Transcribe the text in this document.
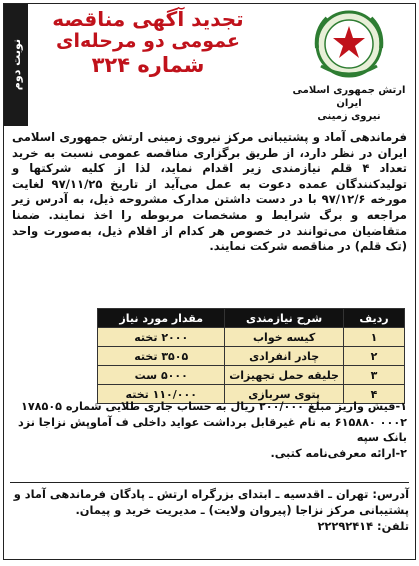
نوبت دوم
تجدید آگهی مناقصه
عمومی دو مرحله‌ای
شماره ۳۲۴
ارتش جمهوری اسلامی ایران
نیروی زمینی

فرماندهی آماد و پشتیبانی مرکز نیروی زمینی ارتش جمهوری اسلامی ایران در نظر دارد، از طریق برگزاری مناقصه عمومی نسبت به خرید تعداد ۴ قلم نیازمندی زیر اقدام نماید، لذا از کلیه شرکتها و تولیدکنندگان عمده دعوت به عمل می‌آید از تاریخ ۹۷/۱۱/۲۵ لغایت مورخه ۹۷/۱۲/۶ با در دست داشتن مدارک مشروحه ذیل، به آدرس زیر مراجعه و برگ شرایط و مشخصات مربوطه را اخذ نمایند. ضمنا متقاضیان می‌توانند در خصوص هر کدام از اقلام ذیل، به‌صورت واحد (تک قلم) در مناقصه شرکت نمایند.

ردیف	شرح نیازمندی	مقدار مورد نیاز
۱	کیسه خواب	۲۰۰۰ تخته
۲	چادر انفرادی	۳۵۰۵ تخته
۳	جلیقه حمل تجهیزات	۵۰۰۰ ست
۴	پتوی سربازی	۱۱۰/۰۰۰ تخته

۱-فیش واریز مبلغ ۲۰۰/۰۰۰ ریال به حساب جاری طلایی شماره ۱۷۸۵۰۵ ۰۰۰۲ ۶۱۵۸۸۰ به نام غیرقابل برداشت عواید داخلی ف آماوپش نزاجا نزد بانک سپه

۲-ارائه معرفی‌نامه کتبی.

آدرس: تهران ـ اقدسیه ـ ابتدای بزرگراه ارتش ـ پادگان فرماندهی آماد و پشتیبانی مرکز نزاجا (پیروان ولایت) ـ مدیریت خرید و پیمان.

تلفن: ۲۲۲۹۲۴۱۴
